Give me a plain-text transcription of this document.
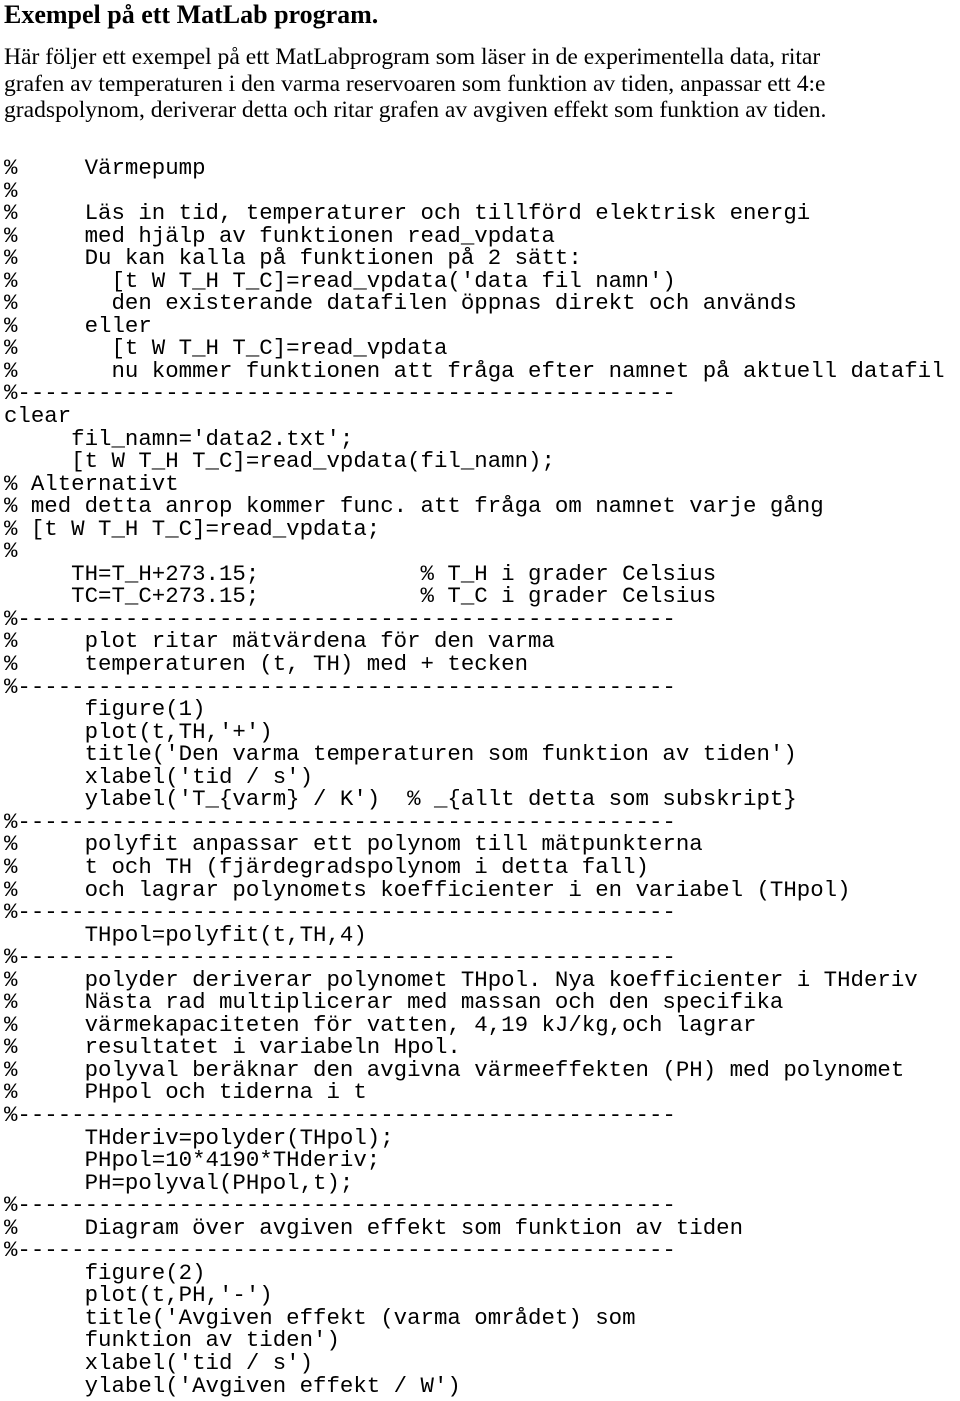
Exempel på ett MatLab program.
Här följer ett exempel på ett MatLabprogram som läser in de experimentella data, ritar
grafen av temperaturen i den varma reservoaren som funktion av tiden, anpassar ett 4:e
gradspolynom, deriverar detta och ritar grafen av avgiven effekt som funktion av tiden.
%     Värmepump
%
%     Läs in tid, temperaturer och tillförd elektrisk energi
%     med hjälp av funktionen read_vpdata
%     Du kan kalla på funktionen på 2 sätt:
%       [t W T_H T_C]=read_vpdata('data fil namn')
%       den existerande datafilen öppnas direkt och används
%     eller
%       [t W T_H T_C]=read_vpdata
%       nu kommer funktionen att fråga efter namnet på aktuell datafil
%-------------------------------------------------
clear
fil_namn='data2.txt';
[t W T_H T_C]=read_vpdata(fil_namn);
% Alternativt
% med detta anrop kommer func. att fråga om namnet varje gång
% [t W T_H T_C]=read_vpdata;
%
TH=T_H+273.15;            % T_H i grader Celsius
TC=T_C+273.15;            % T_C i grader Celsius
%-------------------------------------------------
%     plot ritar mätvärdena för den varma
%     temperaturen (t, TH) med + tecken
%-------------------------------------------------
figure(1)
plot(t,TH,'+')
title('Den varma temperaturen som funktion av tiden')
xlabel('tid / s')
ylabel('T_{varm} / K')  % _{allt detta som subskript}
%-------------------------------------------------
%     polyfit anpassar ett polynom till mätpunkterna
%     t och TH (fjärdegradspolynom i detta fall)
%     och lagrar polynomets koefficienter i en variabel (THpol)
%-------------------------------------------------
THpol=polyfit(t,TH,4)
%-------------------------------------------------
%     polyder deriverar polynomet THpol. Nya koefficienter i THderiv
%     Nästa rad multiplicerar med massan och den specifika
%     värmekapaciteten för vatten, 4,19 kJ/kg,och lagrar
%     resultatet i variabeln Hpol.
%     polyval beräknar den avgivna värmeeffekten (PH) med polynomet
%     PHpol och tiderna i t
%-------------------------------------------------
THderiv=polyder(THpol);
PHpol=10*4190*THderiv;
PH=polyval(PHpol,t);
%-------------------------------------------------
%     Diagram över avgiven effekt som funktion av tiden
%-------------------------------------------------
figure(2)
plot(t,PH,'-')
title('Avgiven effekt (varma området) som
funktion av tiden')
xlabel('tid / s')
ylabel('Avgiven effekt / W')
